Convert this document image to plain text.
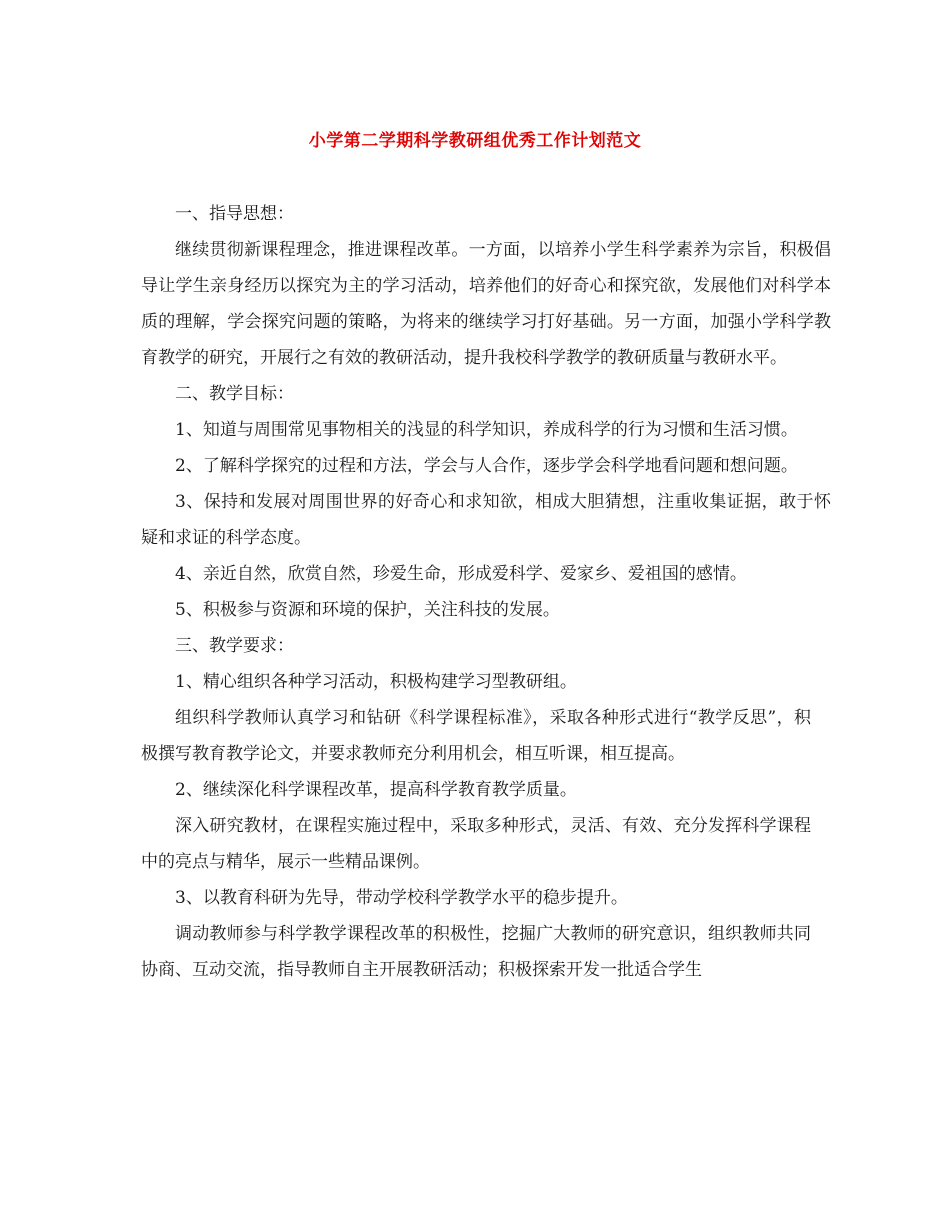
小学第二学期科学教研组优秀工作计划范文

一、指导思想：

继续贯彻新课程理念，推进课程改革。一方面，以培养小学生科学素养为宗旨，积极倡导让学生亲身经历以探究为主的学习活动，培养他们的好奇心和探究欲，发展他们对科学本质的理解，学会探究问题的策略，为将来的继续学习打好基础。另一方面，加强小学科学教育教学的研究，开展行之有效的教研活动，提升我校科学教学的教研质量与教研水平。

二、教学目标：

1、知道与周围常见事物相关的浅显的科学知识，养成科学的行为习惯和生活习惯。

2、了解科学探究的过程和方法，学会与人合作，逐步学会科学地看问题和想问题。

3、保持和发展对周围世界的好奇心和求知欲，相成大胆猜想，注重收集证据，敢于怀疑和求证的科学态度。

4、亲近自然，欣赏自然，珍爱生命，形成爱科学、爱家乡、爱祖国的感情。

5、积极参与资源和环境的保护，关注科技的发展。

三、教学要求：

1、精心组织各种学习活动，积极构建学习型教研组。

组织科学教师认真学习和钻研《科学课程标准》，采取各种形式进行“教学反思”，积极撰写教育教学论文，并要求教师充分利用机会，相互听课，相互提高。

2、继续深化科学课程改革，提高科学教育教学质量。

深入研究教材，在课程实施过程中，采取多种形式，灵活、有效、充分发挥科学课程中的亮点与精华，展示一些精品课例。

3、以教育科研为先导，带动学校科学教学水平的稳步提升。

调动教师参与科学教学课程改革的积极性，挖掘广大教师的研究意识，组织教师共同协商、互动交流，指导教师自主开展教研活动；积极探索开发一批适合学生
